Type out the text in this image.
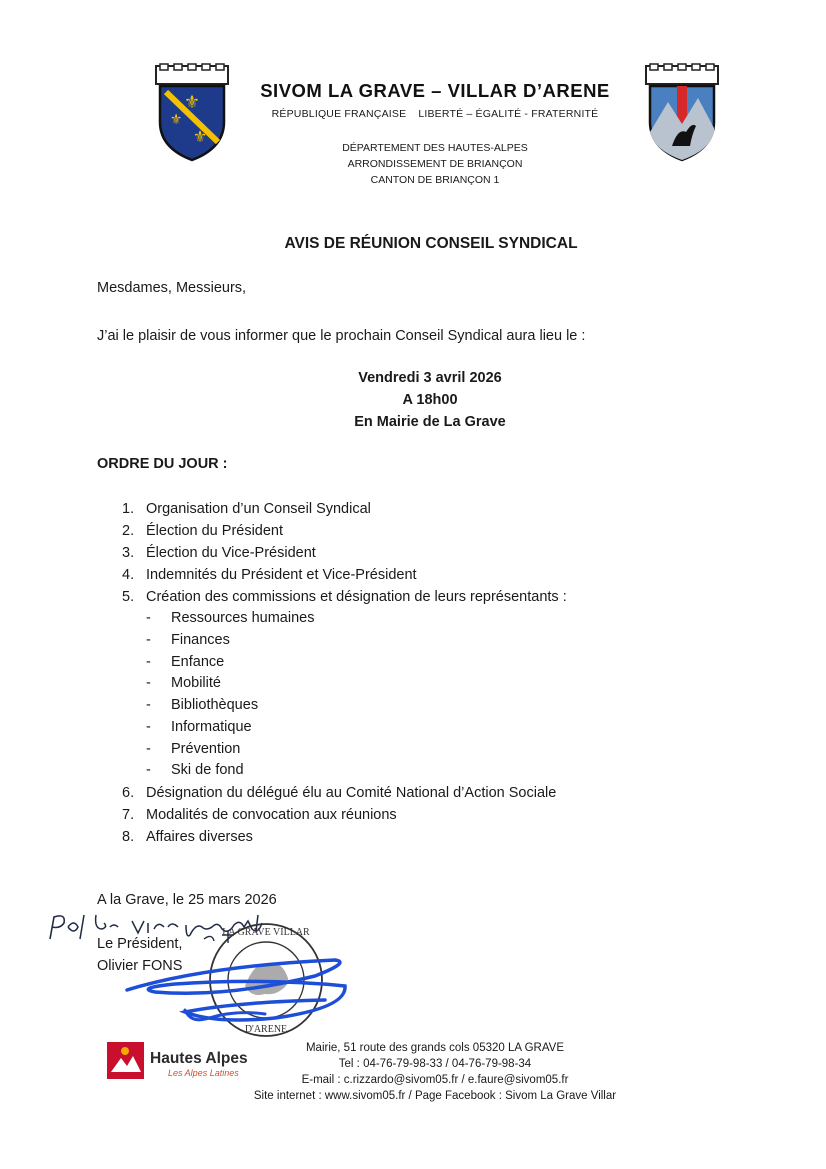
⚜
⚜
⚜
SIVOM LA GRAVE – VILLAR D’ARENE
RÉPUBLIQUE FRANÇAISE LIBERTÉ – ÉGALITÉ - FRATERNITÉ
DÉPARTEMENT DES HAUTES-ALPES
ARRONDISSEMENT DE BRIANÇON
CANTON DE BRIANÇON 1
AVIS DE RÉUNION CONSEIL SYNDICAL
Mesdames, Messieurs,
J’ai le plaisir de vous informer que le prochain Conseil Syndical aura lieu le :
Vendredi 3 avril 2026
A 18h00
En Mairie de La Grave
ORDRE DU JOUR :
1. Organisation d’un Conseil Syndical
2. Élection du Président
3. Élection du Vice-Président
4. Indemnités du Président et Vice-Président
5. Création des commissions et désignation de leurs représentants :
- Ressources humaines
- Finances
- Enfance
- Mobilité
- Bibliothèques
- Informatique
- Prévention
- Ski de fond
6. Désignation du délégué élu au Comité National d’Action Sociale
7. Modalités de convocation aux réunions
8. Affaires diverses
A la Grave, le 25 mars 2026
Le Président,
Olivier FONS
LA GRAVE VILLAR
D'ARENE
Hautes Alpes
Les Alpes Latines
Mairie, 51 route des grands cols 05320 LA GRAVE
Tel : 04-76-79-98-33 / 04-76-79-98-34
E-mail : c.rizzardo@sivom05.fr / e.faure@sivom05.fr
Site internet : www.sivom05.fr / Page Facebook : Sivom La Grave Villar
